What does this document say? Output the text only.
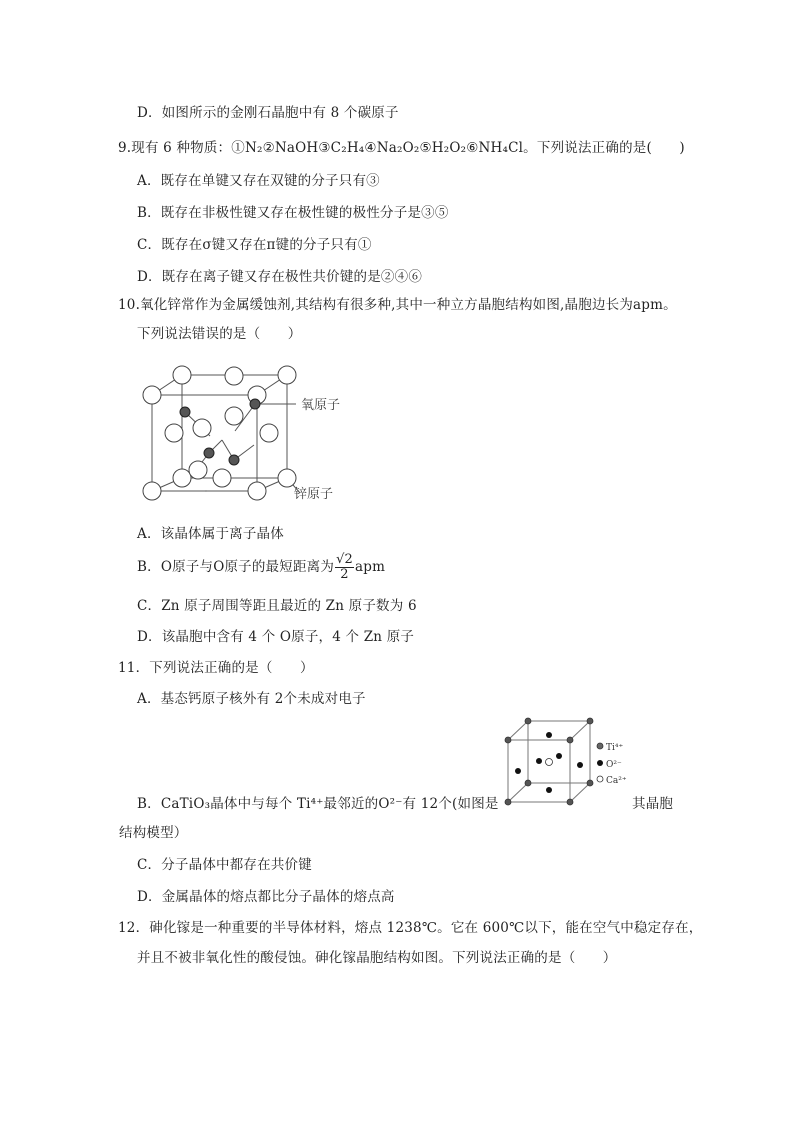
D．如图所示的金刚石晶胞中有 8 个碳原子
9.现有 6 种物质：①N₂②NaOH③C₂H₄④Na₂O₂⑤H₂O₂⑥NH₄Cl。下列说法正确的是(　　)
A．既存在单键又存在双键的分子只有③
B．既存在非极性键又存在极性键的极性分子是③⑤
C．既存在σ键又存在π键的分子只有①
D．既存在离子键又存在极性共价键的是②④⑥
10.氧化锌常作为金属缓蚀剂,其结构有很多种,其中一种立方晶胞结构如图,晶胞边长为apm。
下列说法错误的是（　　）
氧原子
锌原子
A．该晶体属于离子晶体
B．O原子与O原子的最短距离为 $\frac{√2}{2}$ apm
C．Zn 原子周围等距且最近的 Zn 原子数为 6
D．该晶胞中含有 4 个 O原子，4 个 Zn 原子
11．下列说法正确的是（　　）
A．基态钙原子核外有 2个未成对电子
Ti⁴⁺
O²⁻
Ca²⁺
B．CaTiO₃晶体中与每个 Ti⁴⁺最邻近的O²⁻有 12个(如图是	其晶胞
结构模型）
C．分子晶体中都存在共价键
D．金属晶体的熔点都比分子晶体的熔点高
12．砷化镓是一种重要的半导体材料，熔点 1238℃。它在 600℃以下，能在空气中稳定存在，
并且不被非氧化性的酸侵蚀。砷化镓晶胞结构如图。下列说法正确的是（　　）
